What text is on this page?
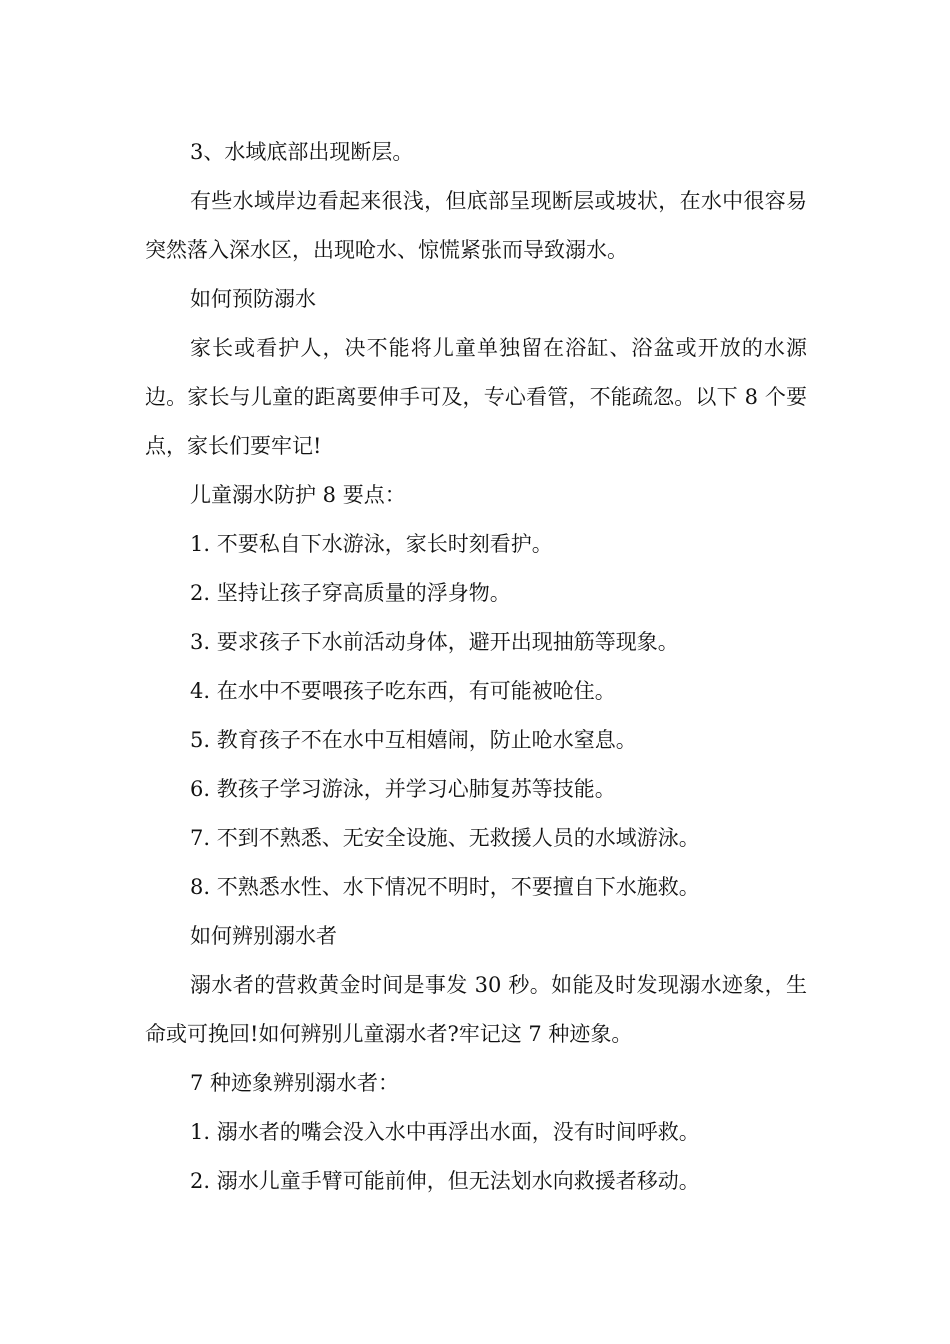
3、水域底部出现断层。

有些水域岸边看起来很浅，但底部呈现断层或坡状，在水中很容易突然落入深水区，出现呛水、惊慌紧张而导致溺水。

如何预防溺水

家长或看护人，决不能将儿童单独留在浴缸、浴盆或开放的水源边。家长与儿童的距离要伸手可及，专心看管，不能疏忽。以下 8 个要点，家长们要牢记!

儿童溺水防护 8 要点：

1. 不要私自下水游泳，家长时刻看护。

2. 坚持让孩子穿高质量的浮身物。

3. 要求孩子下水前活动身体，避开出现抽筋等现象。

4. 在水中不要喂孩子吃东西，有可能被呛住。

5. 教育孩子不在水中互相嬉闹，防止呛水窒息。

6. 教孩子学习游泳，并学习心肺复苏等技能。

7. 不到不熟悉、无安全设施、无救援人员的水域游泳。

8. 不熟悉水性、水下情况不明时，不要擅自下水施救。

如何辨别溺水者

溺水者的营救黄金时间是事发 30 秒。如能及时发现溺水迹象，生命或可挽回!如何辨别儿童溺水者?牢记这 7 种迹象。

7 种迹象辨别溺水者：

1. 溺水者的嘴会没入水中再浮出水面，没有时间呼救。

2. 溺水儿童手臂可能前伸，但无法划水向救援者移动。
